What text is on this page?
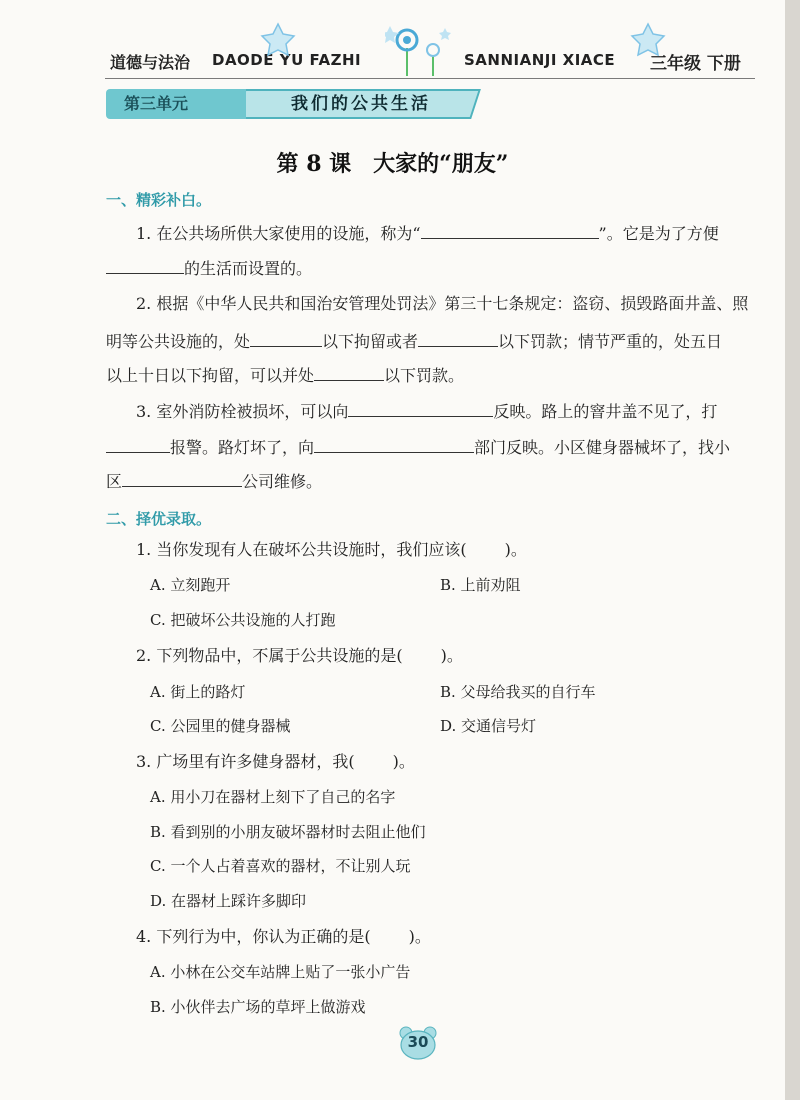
道德与法治 DAODE YU FAZHI	SANNIANJI XIACE 三年级 下册
第三单元	我们的公共生活
第 8 课　大家的“朋友”
一、精彩补白。
1. 在公共场所供大家使用的设施，称为“	”。它是为了方便
的生活而设置的。
2. 根据《中华人民共和国治安管理处罚法》第三十七条规定：盗窃、损毁路面井盖、照
明等公共设施的，处	以下拘留或者	以下罚款；情节严重的，处五日
以上十日以下拘留，可以并处	以下罚款。
3. 室外消防栓被损坏，可以向	反映。路上的窨井盖不见了，打
报警。路灯坏了，向	部门反映。小区健身器械坏了，找小
区	公司维修。
二、择优录取。
1. 当你发现有人在破坏公共设施时，我们应该( )。
A. 立刻跑开	B. 上前劝阻
C. 把破坏公共设施的人打跑
2. 下列物品中，不属于公共设施的是( )。
A. 街上的路灯	B. 父母给我买的自行车
C. 公园里的健身器械	D. 交通信号灯
3. 广场里有许多健身器材，我( )。
A. 用小刀在器材上刻下了自己的名字
B. 看到别的小朋友破坏器材时去阻止他们
C. 一个人占着喜欢的器材，不让别人玩
D. 在器材上踩许多脚印
4. 下列行为中，你认为正确的是( )。
A. 小林在公交车站牌上贴了一张小广告
B. 小伙伴去广场的草坪上做游戏
30
